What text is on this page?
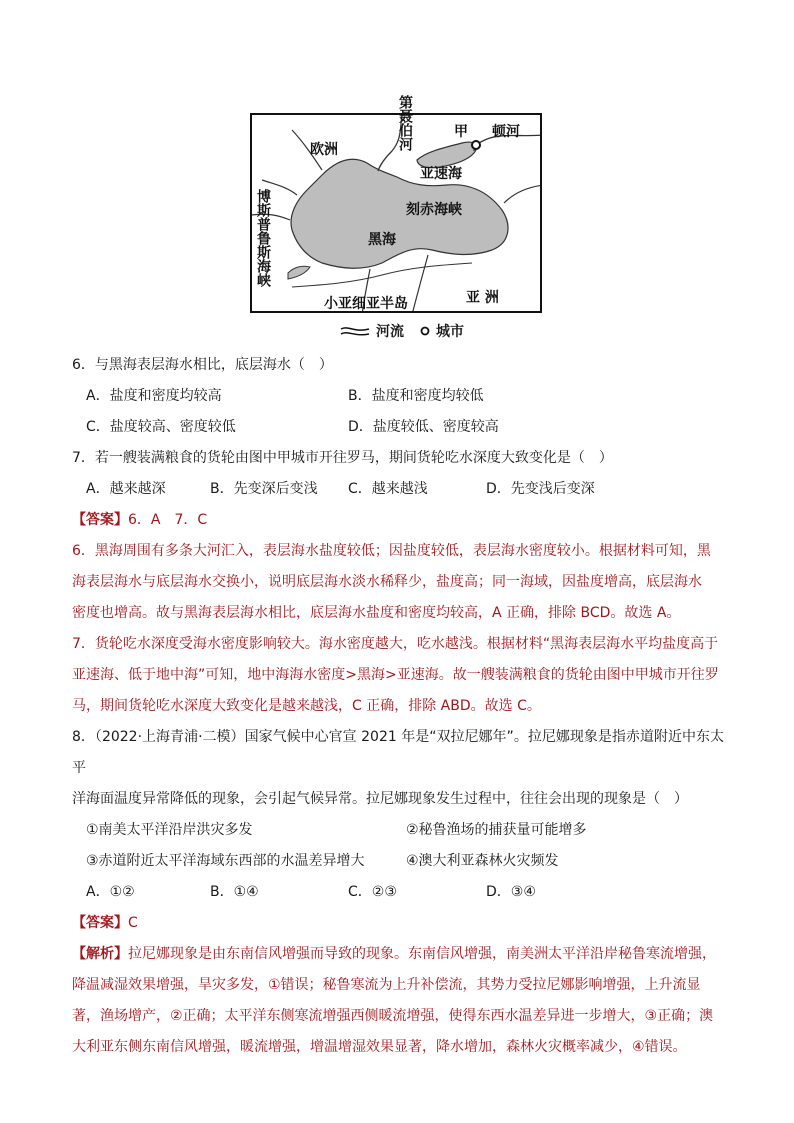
第聂伯河
欧洲
甲 顿河
亚速海
刻赤海峡
黑海
博斯普鲁斯海峡
小亚细亚半岛	亚 洲
河流 城市
6．与黑海表层海水相比，底层海水（　）
A．盐度和密度均较高	B．盐度和密度均较低
C．盐度较高、密度较低	D．盐度较低、密度较高
7．若一艘装满粮食的货轮由图中甲城市开往罗马，期间货轮吃水深度大致变化是（　）
A．越来越深	B．先变深后变浅	C．越来越浅	D．先变浅后变深
【答案】6．A　7．C
6．黑海周围有多条大河汇入，表层海水盐度较低；因盐度较低，表层海水密度较小。根据材料可知，黑
海表层海水与底层海水交换小，说明底层海水淡水稀释少，盐度高；同一海域，因盐度增高，底层海水
密度也增高。故与黑海表层海水相比，底层海水盐度和密度均较高，A 正确，排除 BCD。故选 A。
7．货轮吃水深度受海水密度影响较大。海水密度越大，吃水越浅。根据材料“黑海表层海水平均盐度高于
亚速海、低于地中海”可知，地中海海水密度>黑海>亚速海。故一艘装满粮食的货轮由图中甲城市开往罗
马，期间货轮吃水深度大致变化是越来越浅，C 正确，排除 ABD。故选 C。
8．（2022·上海青浦·二模）国家气候中心官宣 2021 年是“双拉尼娜年”。拉尼娜现象是指赤道附近中东太平
洋海面温度异常降低的现象，会引起气候异常。拉尼娜现象发生过程中，往往会出现的现象是（　）
①南美太平洋沿岸洪灾多发	②秘鲁渔场的捕获量可能增多
③赤道附近太平洋海域东西部的水温差异增大	④澳大利亚森林火灾频发
A．①②	B．①④	C．②③	D．③④
【答案】C
【解析】拉尼娜现象是由东南信风增强而导致的现象。东南信风增强，南美洲太平洋沿岸秘鲁寒流增强，
降温减湿效果增强，旱灾多发，①错误；秘鲁寒流为上升补偿流，其势力受拉尼娜影响增强，上升流显
著，渔场增产，②正确；太平洋东侧寒流增强西侧暖流增强，使得东西水温差异进一步增大，③正确；澳
大利亚东侧东南信风增强，暖流增强，增温增湿效果显著，降水增加，森林火灾概率减少，④错误。
